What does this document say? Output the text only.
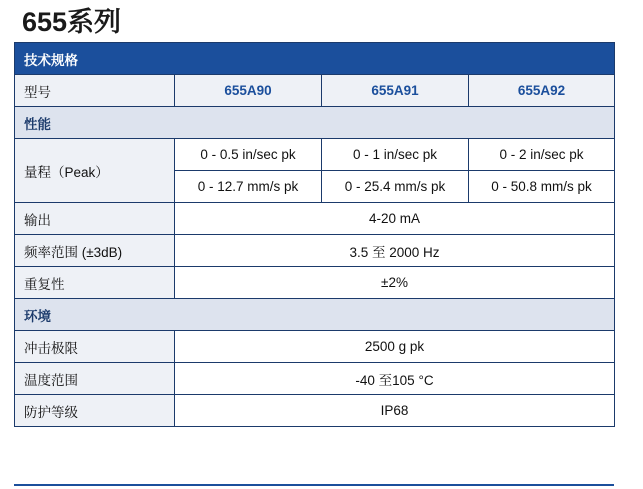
655系列
技术规格			
型号	655A90	655A91	655A92
性能			
量程（Peak）	0 - 0.5 in/sec pk	0 - 1 in/sec pk	0 - 2 in/sec pk
	0 - 12.7 mm/s pk	0 - 25.4 mm/s pk	0 - 50.8 mm/s pk
输出	4-20 mA		
频率范围 (±3dB)	3.5 至 2000 Hz		
重复性	±2%		
环境			
冲击极限	2500 g pk		
温度范围	-40 至105 °C		
防护等级	IP68		
